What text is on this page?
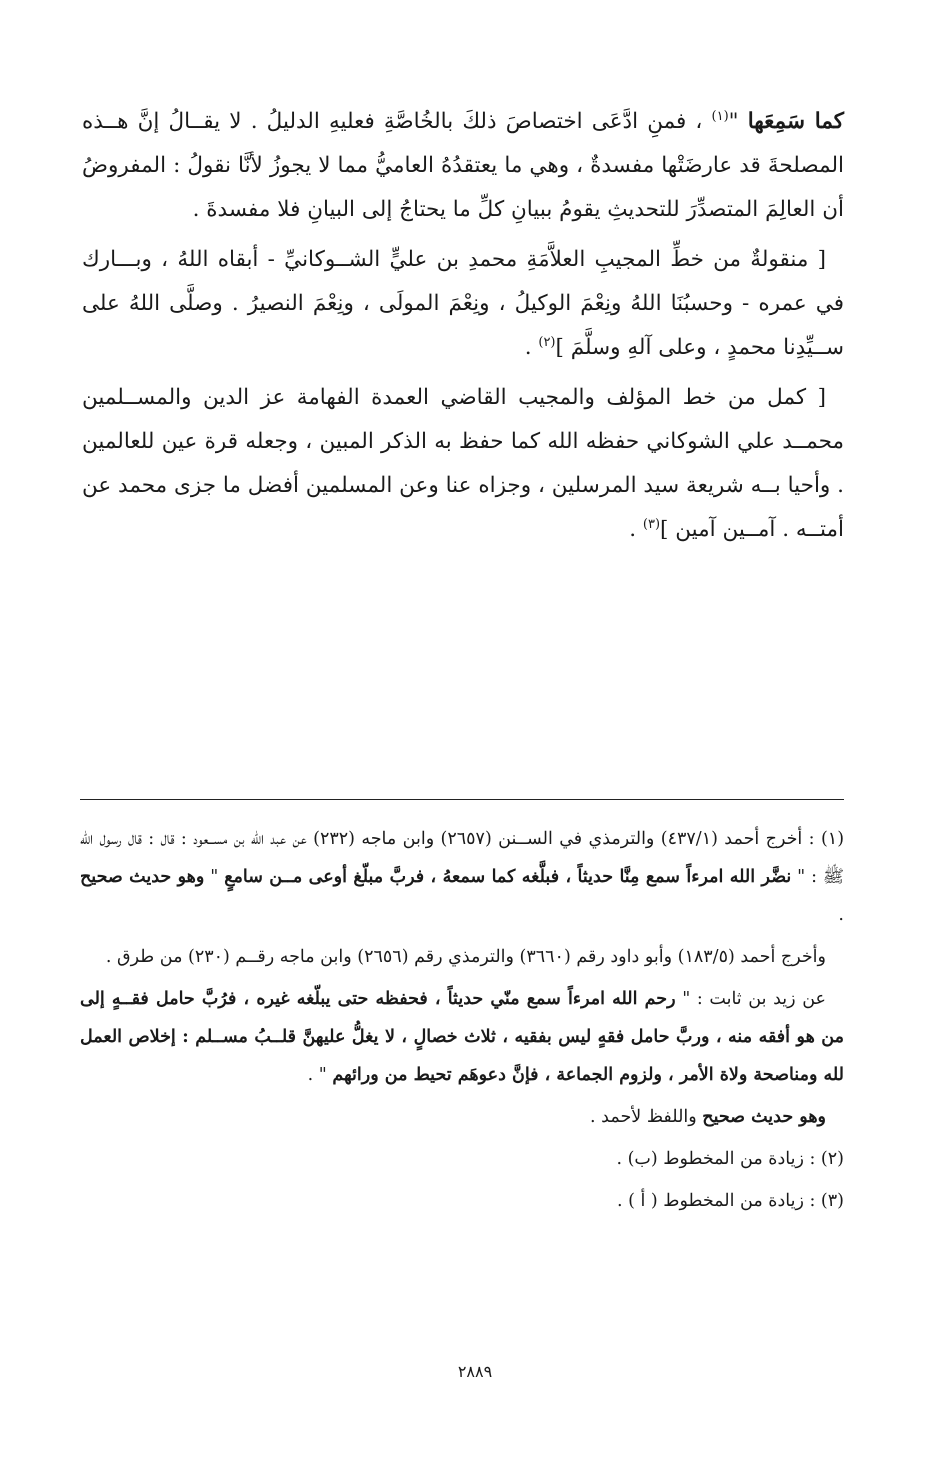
كما سَمِعَها "$^{(١)}$ ، فمنِ ادَّعَى اختصاصَ ذلكَ بالخُاصَّةِ فعليهِ الدليلُ . لا يقــالُ إنَّ هــذه المصلحةَ قد عارضَتْها مفسدةٌ ، وهي ما يعتقدُهُ العاميُّ مما لا يجوزُ لأنَّا نقولُ : المفروضُ أن العالِمَ المتصدِّرَ للتحديثِ يقومُ ببيانِ كلِّ ما يحتاجُ إلى البيانِ فلا مفسدةَ .

[ منقولةٌ من خطِّ المجيبِ العلاَّمَةِ محمدِ بن عليٍّ الشــوكانيِّ - أبقاه اللهُ ، وبـــارك في عمره - وحسبُنَا اللهُ ونِعْمَ الوكيلُ ، ونِعْمَ المولَى ، ونِعْمَ النصيرُ . وصلَّى اللهُ على ســيِّدِنا محمدٍ ، وعلى آلهِ وسلَّمَ ]$^{(٢)}$ .

[ كمل من خط المؤلف والمجيب القاضي العمدة الفهامة عز الدين والمســلمين محمــد علي الشوكاني حفظه الله كما حفظ به الذكر المبين ، وجعله قرة عين للعالمين . وأحيا بــه شريعة سيد المرسلين ، وجزاه عنا وعن المسلمين أفضل ما جزى محمد عن أمتــه . آمــين آمين ]$^{(٣)}$ .

(١) : أخرج أحمد (٤٣٧/١) والترمذي في الســنن (٢٦٥٧) وابن ماجه (٢٣٢) عن عبد الله بن مســعود : قال : قال رسول الله ﷺ : " نضَّر الله امرءاً سمع مِنَّا حديثاً ، فبلَّغه كما سمعهُ ، فربَّ مبلّغ أوعى مــن سامعٍ " وهو حديث صحيح .

وأخرج أحمد (١٨٣/٥) وأبو داود رقم (٣٦٦٠) والترمذي رقم (٢٦٥٦) وابن ماجه رقــم (٢٣٠) من طرق .

عن زيد بن ثابت : " رحم الله امرءاً سمع منّي حديثاً ، فحفظه حتى يبلّغه غيره ، فرُبَّ حامل فقــهٍ إلى من هو أفقه منه ، وربَّ حامل فقهٍ ليس بفقيه ، ثلاث خصالٍ ، لا يغلُّ عليهنَّ قلــبُ مســلم : إخلاص العمل لله ومناصحة ولاة الأمر ، ولزوم الجماعة ، فإنَّ دعوهَم تحيط من ورائهم " .

وهو حديث صحيح واللفظ لأحمد .

(٢) : زيادة من المخطوط (ب) .

(٣) : زيادة من المخطوط ( أ ) .

٢٨٨٩
